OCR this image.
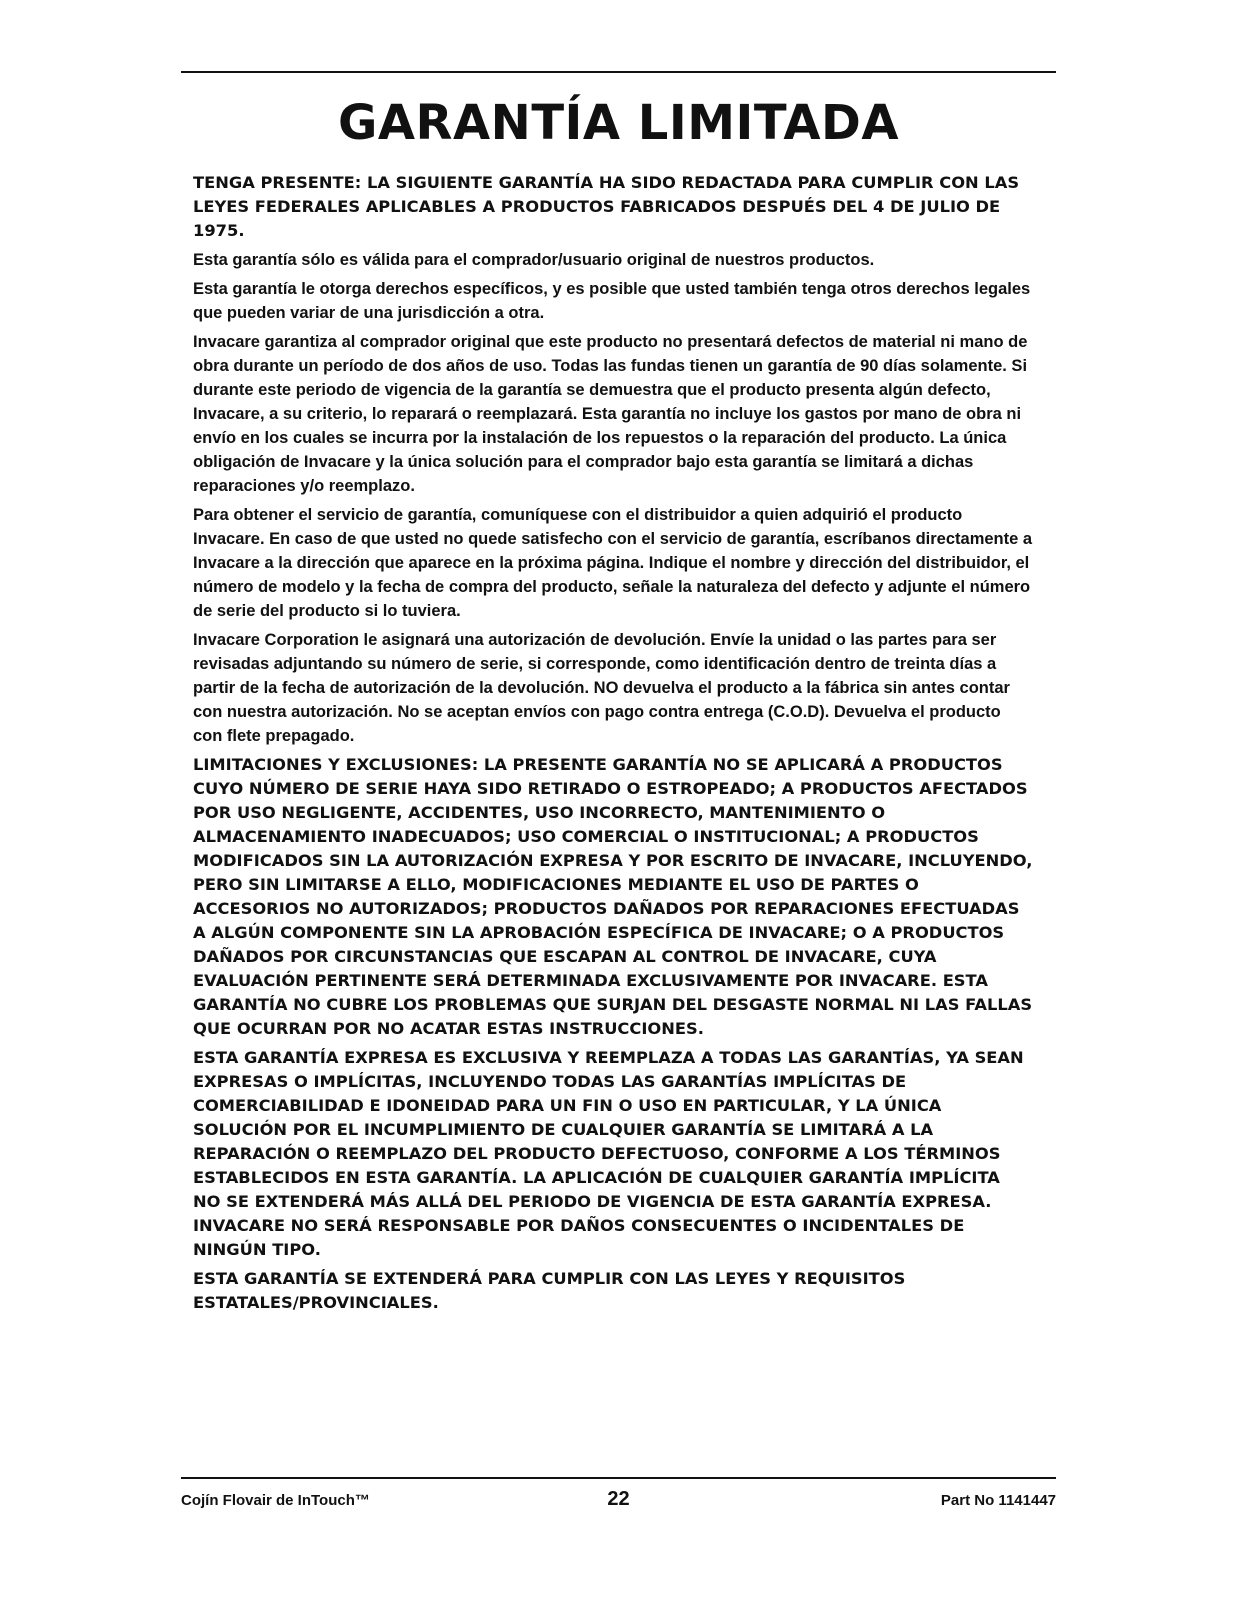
GARANTÍA LIMITADA

TENGA PRESENTE: LA SIGUIENTE GARANTÍA HA SIDO REDACTADA PARA CUMPLIR CON LAS LEYES FEDERALES APLICABLES A PRODUCTOS FABRICADOS DESPUÉS DEL 4 DE JULIO DE 1975.

Esta garantía sólo es válida para el comprador/usuario original de nuestros productos.

Esta garantía le otorga derechos específicos, y es posible que usted también tenga otros derechos legales que pueden variar de una jurisdicción a otra.

Invacare garantiza al comprador original que este producto no presentará defectos de material ni mano de obra durante un período de dos años de uso. Todas las fundas tienen un garantía de 90 días solamente. Si durante este periodo de vigencia de la garantía se demuestra que el producto presenta algún defecto, Invacare, a su criterio, lo reparará o reemplazará. Esta garantía no incluye los gastos por mano de obra ni envío en los cuales se incurra por la instalación de los repuestos o la reparación del producto. La única obligación de Invacare y la única solución para el comprador bajo esta garantía se limitará a dichas reparaciones y/o reemplazo.

Para obtener el servicio de garantía, comuníquese con el distribuidor a quien adquirió el producto Invacare. En caso de que usted no quede satisfecho con el servicio de garantía, escríbanos directamente a Invacare a la dirección que aparece en la próxima página. Indique el nombre y dirección del distribuidor, el número de modelo y la fecha de compra del producto, señale la naturaleza del defecto y adjunte el número de serie del producto si lo tuviera.

Invacare Corporation le asignará una autorización de devolución. Envíe la unidad o las partes para ser revisadas adjuntando su número de serie, si corresponde, como identificación dentro de treinta días a partir de la fecha de autorización de la devolución. NO devuelva el producto a la fábrica sin antes contar con nuestra autorización. No se aceptan envíos con pago contra entrega (C.O.D). Devuelva el producto con flete prepagado.

LIMITACIONES Y EXCLUSIONES: LA PRESENTE GARANTÍA NO SE APLICARÁ A PRODUCTOS CUYO NÚMERO DE SERIE HAYA SIDO RETIRADO O ESTROPEADO; A PRODUCTOS AFECTADOS POR USO NEGLIGENTE, ACCIDENTES, USO INCORRECTO, MANTENIMIENTO O ALMACENAMIENTO INADECUADOS; USO COMERCIAL O INSTITUCIONAL; A PRODUCTOS MODIFICADOS SIN LA AUTORIZACIÓN EXPRESA Y POR ESCRITO DE INVACARE, INCLUYENDO, PERO SIN LIMITARSE A ELLO, MODIFICACIONES MEDIANTE EL USO DE PARTES O ACCESORIOS NO AUTORIZADOS; PRODUCTOS DAÑADOS POR REPARACIONES EFECTUADAS A ALGÚN COMPONENTE SIN LA APROBACIÓN ESPECÍFICA DE INVACARE; O A PRODUCTOS DAÑADOS POR CIRCUNSTANCIAS QUE ESCAPAN AL CONTROL DE INVACARE, CUYA EVALUACIÓN PERTINENTE SERÁ DETERMINADA EXCLUSIVAMENTE POR INVACARE. ESTA GARANTÍA NO CUBRE LOS PROBLEMAS QUE SURJAN DEL DESGASTE NORMAL NI LAS FALLAS QUE OCURRAN POR NO ACATAR ESTAS INSTRUCCIONES.

ESTA GARANTÍA EXPRESA ES EXCLUSIVA Y REEMPLAZA A TODAS LAS GARANTÍAS, YA SEAN EXPRESAS O IMPLÍCITAS, INCLUYENDO TODAS LAS GARANTÍAS IMPLÍCITAS DE COMERCIABILIDAD E IDONEIDAD PARA UN FIN O USO EN PARTICULAR, Y LA ÚNICA SOLUCIÓN POR EL INCUMPLIMIENTO DE CUALQUIER GARANTÍA SE LIMITARÁ A LA REPARACIÓN O REEMPLAZO DEL PRODUCTO DEFECTUOSO, CONFORME A LOS TÉRMINOS ESTABLECIDOS EN ESTA GARANTÍA. LA APLICACIÓN DE CUALQUIER GARANTÍA IMPLÍCITA NO SE EXTENDERÁ MÁS ALLÁ DEL PERIODO DE VIGENCIA DE ESTA GARANTÍA EXPRESA. INVACARE NO SERÁ RESPONSABLE POR DAÑOS CONSECUENTES O INCIDENTALES DE NINGÚN TIPO.

ESTA GARANTÍA SE EXTENDERÁ PARA CUMPLIR CON LAS LEYES Y REQUISITOS ESTATALES/PROVINCIALES.

Cojín Flovair de InTouch™	22	Part No 1141447
